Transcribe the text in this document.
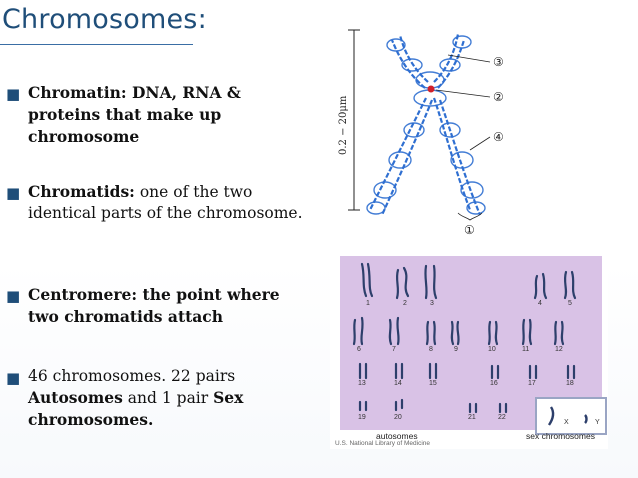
Chromosomes:
■ Chromatin: DNA, RNA & proteins that make up chromosome
■ Chromatids: one of the two identical parts of the chromosome.
■ Centromere: the point where two chromatids attach
■ 46 chromosomes. 22 pairs
Autosomes and 1 pair Sex
chromosomes.
0.2 − 20μm
③
②
④
①
1	2	3	4	5
6	7	8	9	10	11	12
13	14	15	16	17	18
19	20	21	22
X	Y
autosomes	sex chromosomes
U.S. National Library of Medicine
